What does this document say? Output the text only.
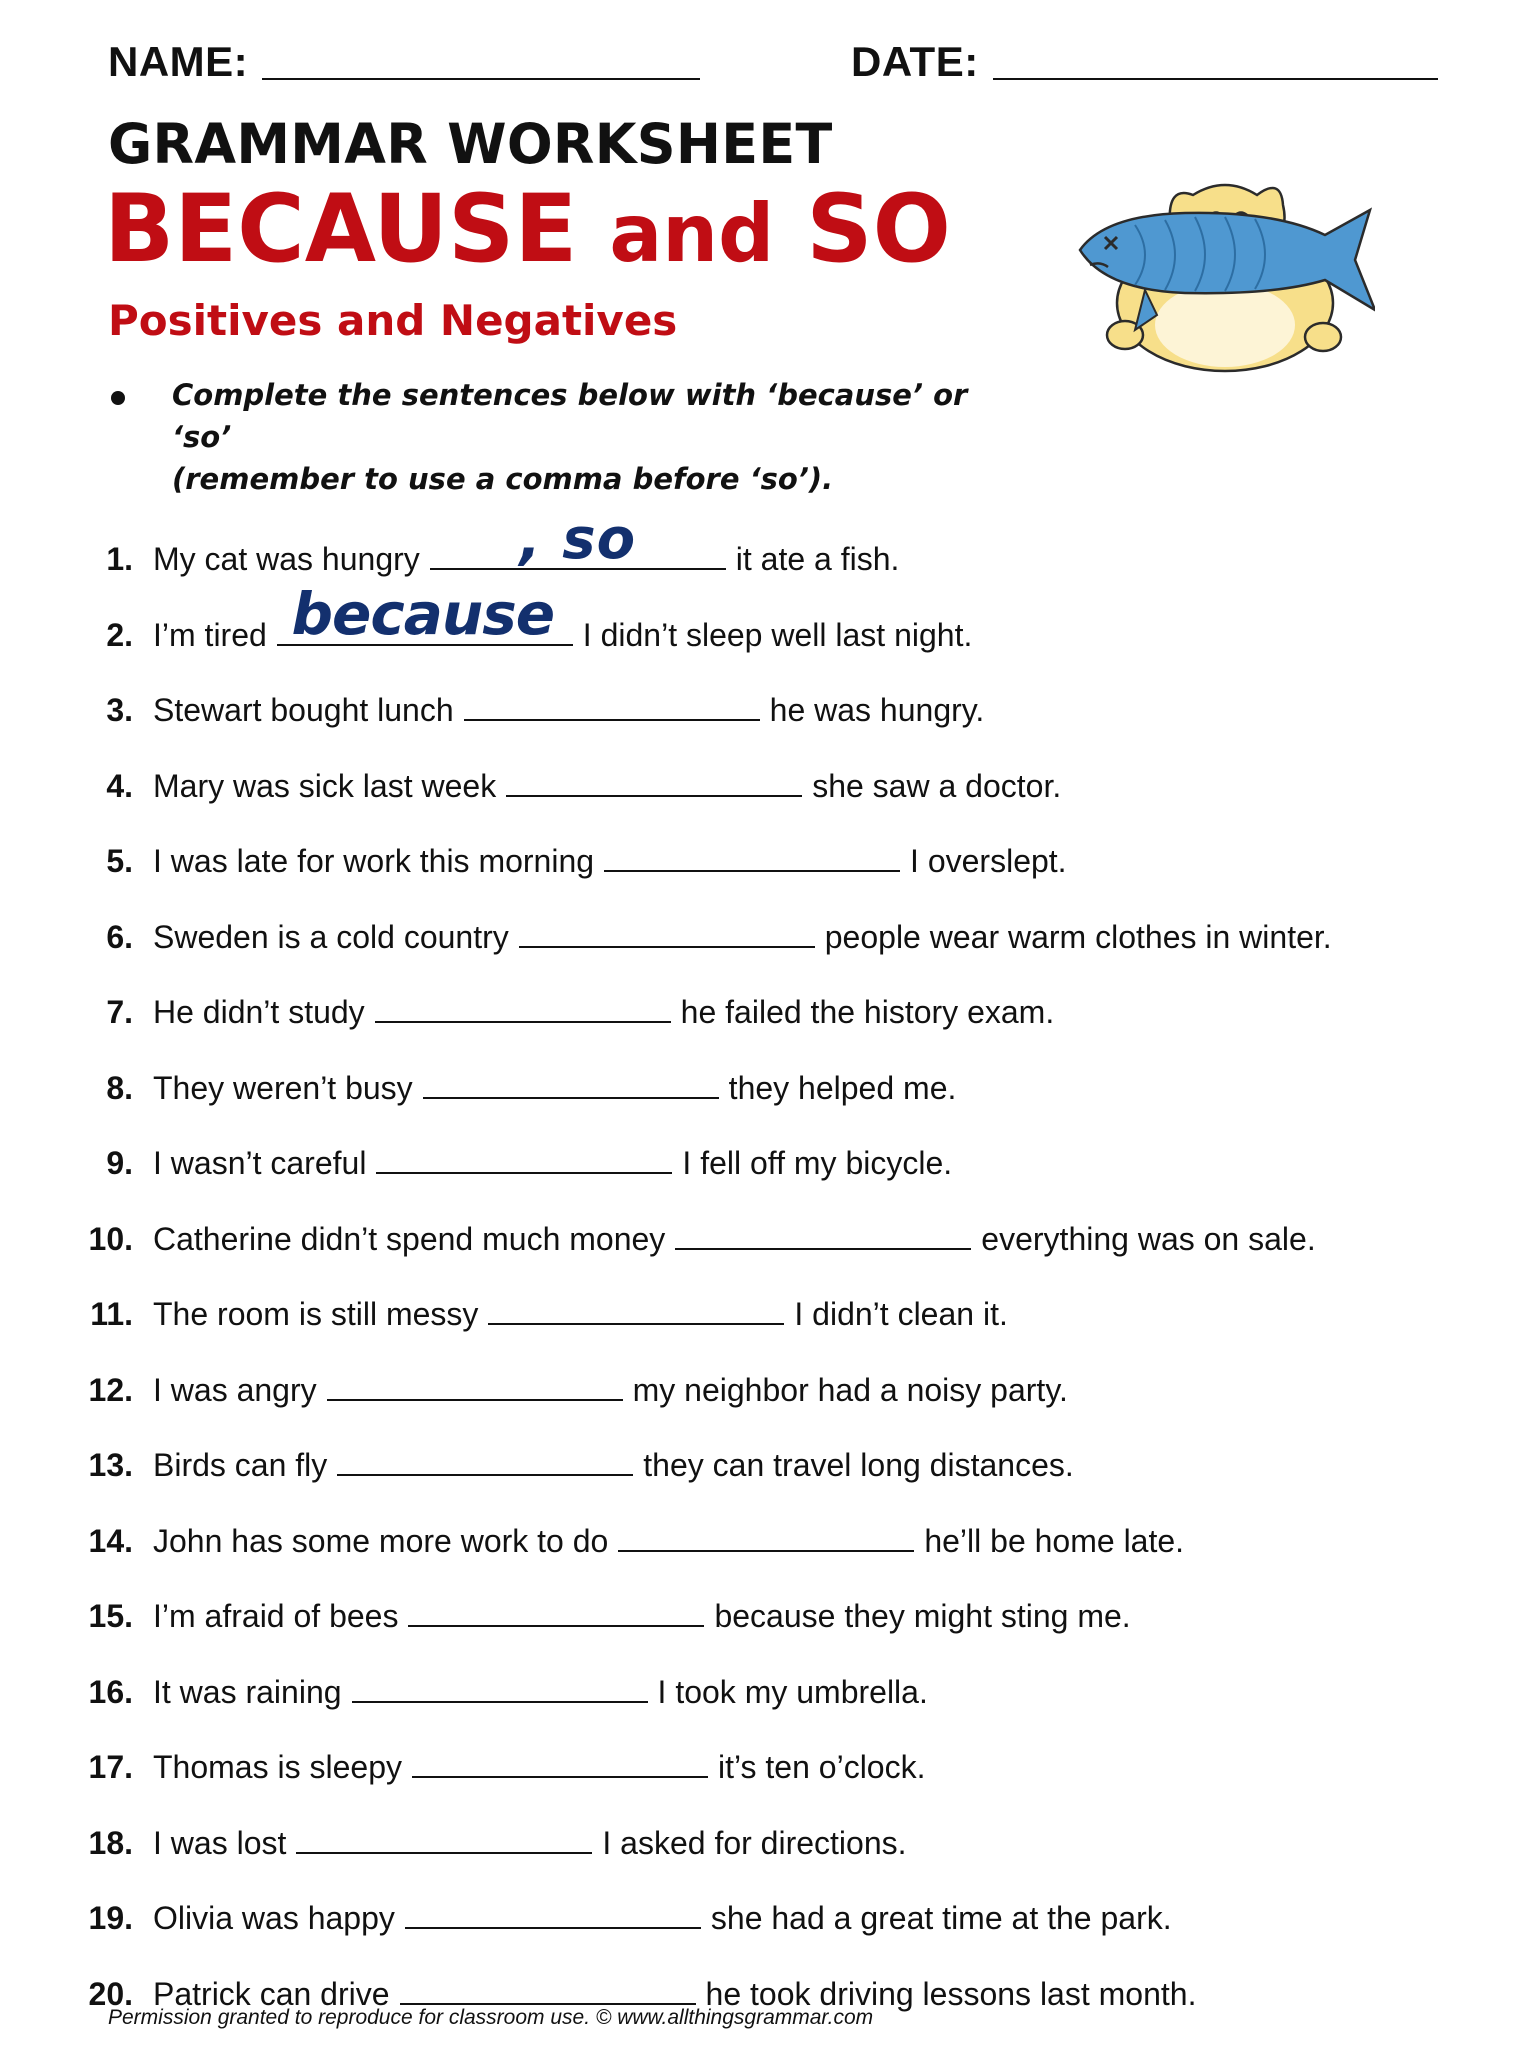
NAME:	DATE:
GRAMMAR WORKSHEET
BECAUSE and SO
Positives and Negatives
Complete the sentences below with ‘because’ or ‘so’
(remember to use a comma before ‘so’).
1. My cat was hungry	, so	it ate a fish.
2. I’m tired because I didn’t sleep well last night.
3. Stewart bought lunch	he was hungry.
4. Mary was sick last week	she saw a doctor.
5. I was late for work this morning	I overslept.
6. Sweden is a cold country	people wear warm clothes in winter.
7. He didn’t study	he failed the history exam.
8. They weren’t busy	they helped me.
9. I wasn’t careful	I fell off my bicycle.
10. Catherine didn’t spend much money	everything was on sale.
11. The room is still messy	I didn’t clean it.
12. I was angry	my neighbor had a noisy party.
13. Birds can fly	they can travel long distances.
14. John has some more work to do	he’ll be home late.
15. I’m afraid of bees	because they might sting me.
16. It was raining	I took my umbrella.
17. Thomas is sleepy	it’s ten o’clock.
18. I was lost	I asked for directions.
19. Olivia was happy	she had a great time at the park.
20. Patrick can drive	he took driving lessons last month.
Permission granted to reproduce for classroom use. © www.allthingsgrammar.com
